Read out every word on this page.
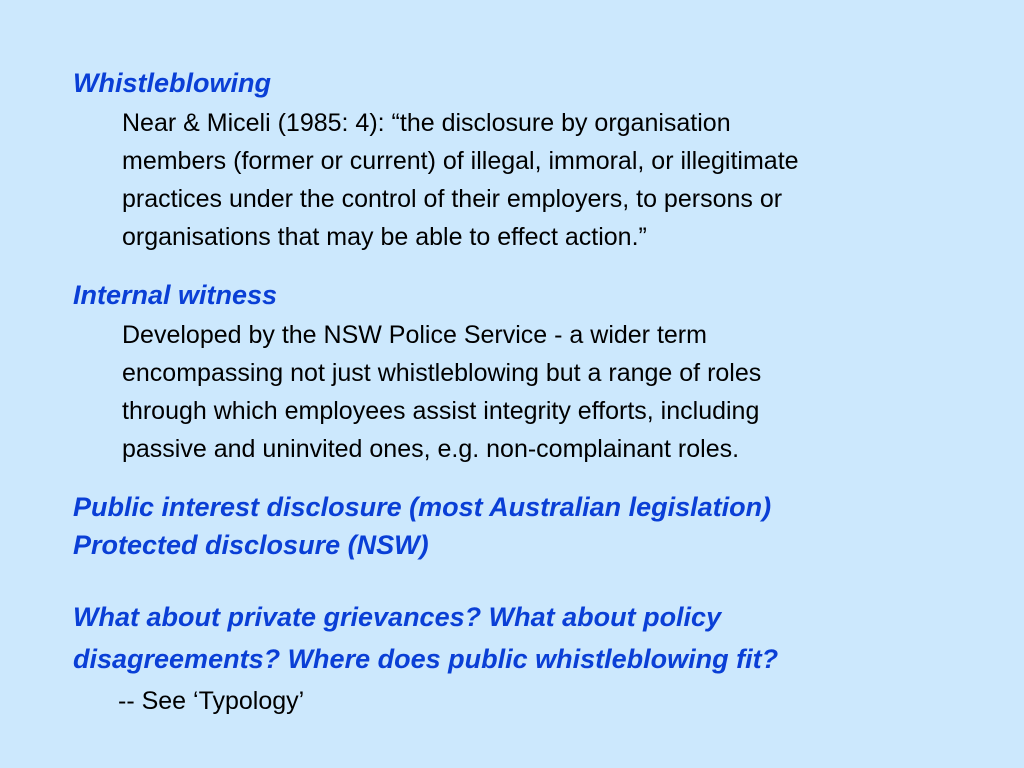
Whistleblowing

Near & Miceli (1985: 4): “the disclosure by organisation
members (former or current) of illegal, immoral, or illegitimate
practices under the control of their employers, to persons or
organisations that may be able to effect action.”

Internal witness

Developed by the NSW Police Service - a wider term
encompassing not just whistleblowing but a range of roles
through which employees assist integrity efforts, including
passive and uninvited ones, e.g. non-complainant roles.

Public interest disclosure (most Australian legislation)
Protected disclosure (NSW)
What about private grievances? What about policy
disagreements? Where does public whistleblowing fit?

-- See ‘Typology’
